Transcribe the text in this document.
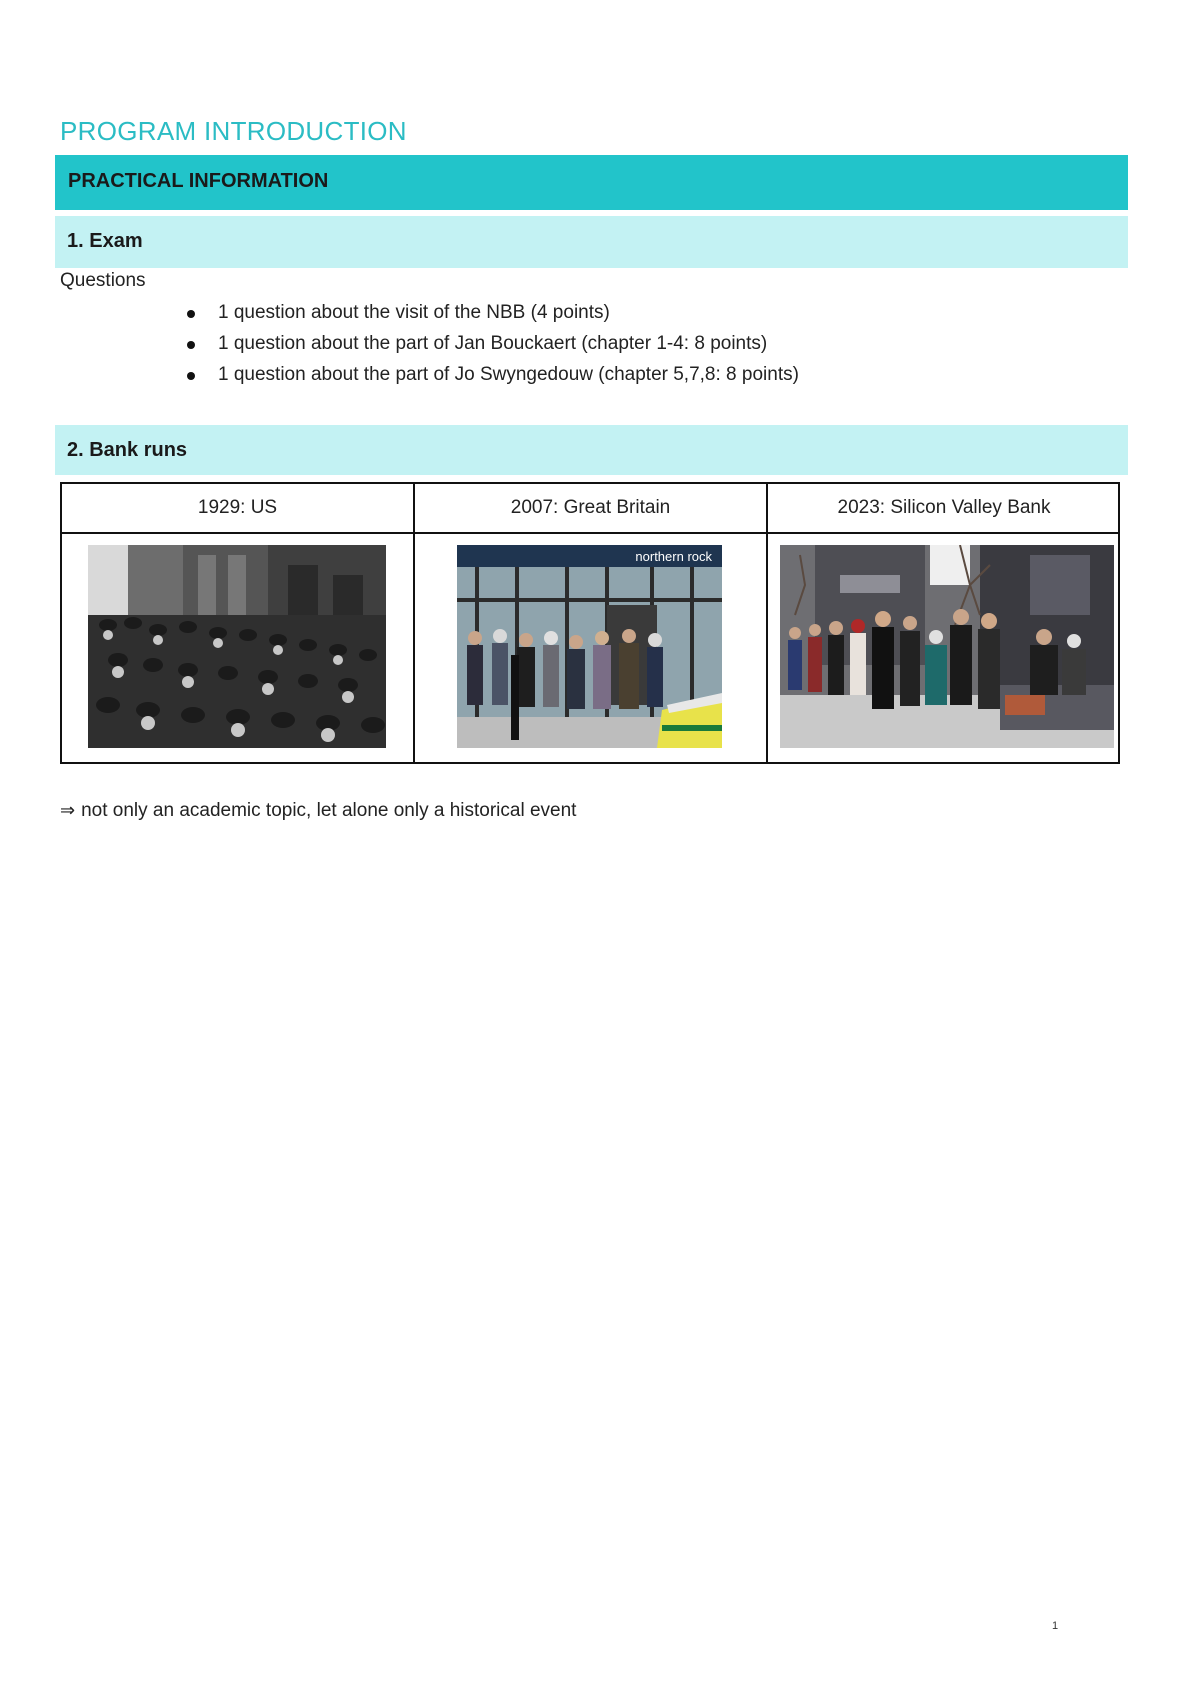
PROGRAM INTRODUCTION
PRACTICAL INFORMATION
1. Exam
Questions
1 question about the visit of the NBB (4 points)
1 question about the part of Jan Bouckaert (chapter 1-4: 8 points)
1 question about the part of Jo Swyngedouw (chapter 5,7,8: 8 points)
2. Bank runs
1929: US	2007: Great Britain
northern rock
2023: Silicon Valley Bank
⇒ not only an academic topic, let alone only a historical event
1
